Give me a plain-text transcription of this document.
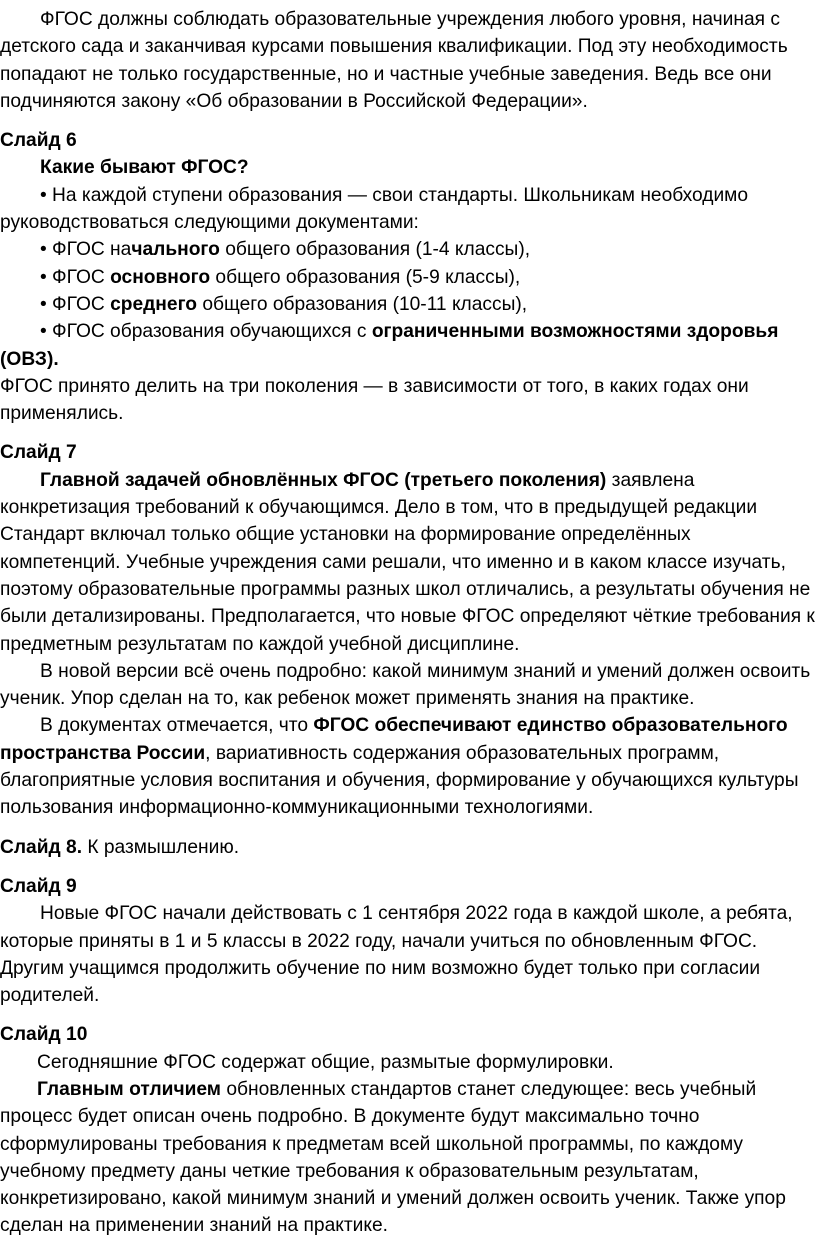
ФГОС должны соблюдать образовательные учреждения любого уровня, начиная с детского сада и заканчивая курсами повышения квалификации. Под эту необходимость попадают не только государственные, но и частные учебные заведения. Ведь все они подчиняются закону «Об образовании в Российской Федерации».

Слайд 6

Какие бывают ФГОС?

• На каждой ступени образования — свои стандарты. Школьникам необходимо руководствоваться следующими документами:

• ФГОС начального общего образования (1-4 классы),

• ФГОС основного общего образования (5-9 классы),

• ФГОС среднего общего образования (10-11 классы),

• ФГОС образования обучающихся с ограниченными возможностями здоровья (ОВЗ).

ФГОС принято делить на три поколения — в зависимости от того, в каких годах они применялись.

Слайд 7

Главной задачей обновлённых ФГОС (третьего поколения) заявлена конкретизация требований к обучающимся. Дело в том, что в предыдущей редакции Стандарт включал только общие установки на формирование определённых компетенций. Учебные учреждения сами решали, что именно и в каком классе изучать, поэтому образовательные программы разных школ отличались, а результаты обучения не были детализированы. Предполагается, что новые ФГОС определяют чёткие требования к предметным результатам по каждой учебной дисциплине.

В новой версии всё очень подробно: какой минимум знаний и умений должен освоить ученик. Упор сделан на то, как ребенок может применять знания на практике.

В документах отмечается, что ФГОС обеспечивают единство образовательного пространства России, вариативность содержания образовательных программ, благоприятные условия воспитания и обучения, формирование у обучающихся культуры пользования информационно-коммуникационными технологиями.

Слайд 8. К размышлению.

Слайд 9

Новые ФГОС начали действовать с 1 сентября 2022 года в каждой школе, а ребята, которые приняты в 1 и 5 классы в 2022 году, начали учиться по обновленным ФГОС. Другим учащимся продолжить обучение по ним возможно будет только при согласии родителей.

Слайд 10

Сегодняшние ФГОС содержат общие, размытые формулировки.

Главным отличием обновленных стандартов станет следующее: весь учебный процесс будет описан очень подробно. В документе будут максимально точно сформулированы требования к предметам всей школьной программы, по каждому учебному предмету даны четкие требования к образовательным результатам, конкретизировано, какой минимум знаний и умений должен освоить ученик. Также упор сделан на применении знаний на практике.
